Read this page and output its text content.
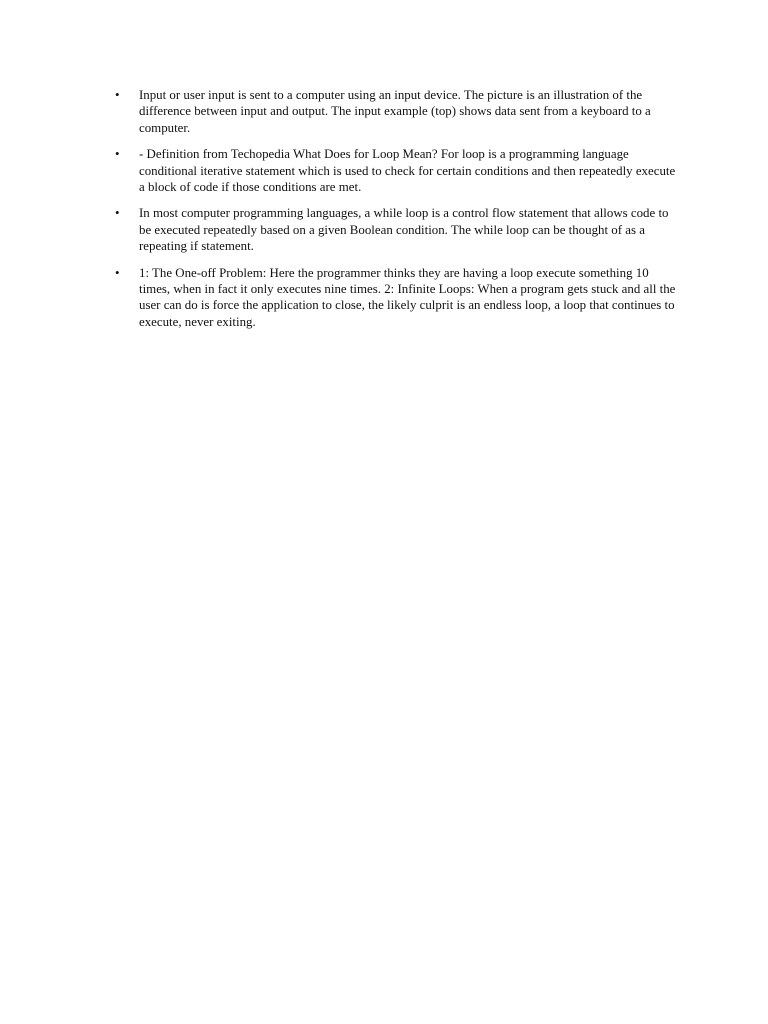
•	Input or user input is sent to a computer using an input device. The picture is an illustration of the difference between input and output. The input example (top) shows data sent from a keyboard to a computer.
•	- Definition from Techopedia What Does for Loop Mean? For loop is a programming language conditional iterative statement which is used to check for certain conditions and then repeatedly execute a block of code if those conditions are met.
•	In most computer programming languages, a while loop is a control flow statement that allows code to be executed repeatedly based on a given Boolean condition. The while loop can be thought of as a repeating if statement.
•	1: The One-off Problem: Here the programmer thinks they are having a loop execute something 10 times, when in fact it only executes nine times. 2: Infinite Loops: When a program gets stuck and all the user can do is force the application to close, the likely culprit is an endless loop, a loop that continues to execute, never exiting.
